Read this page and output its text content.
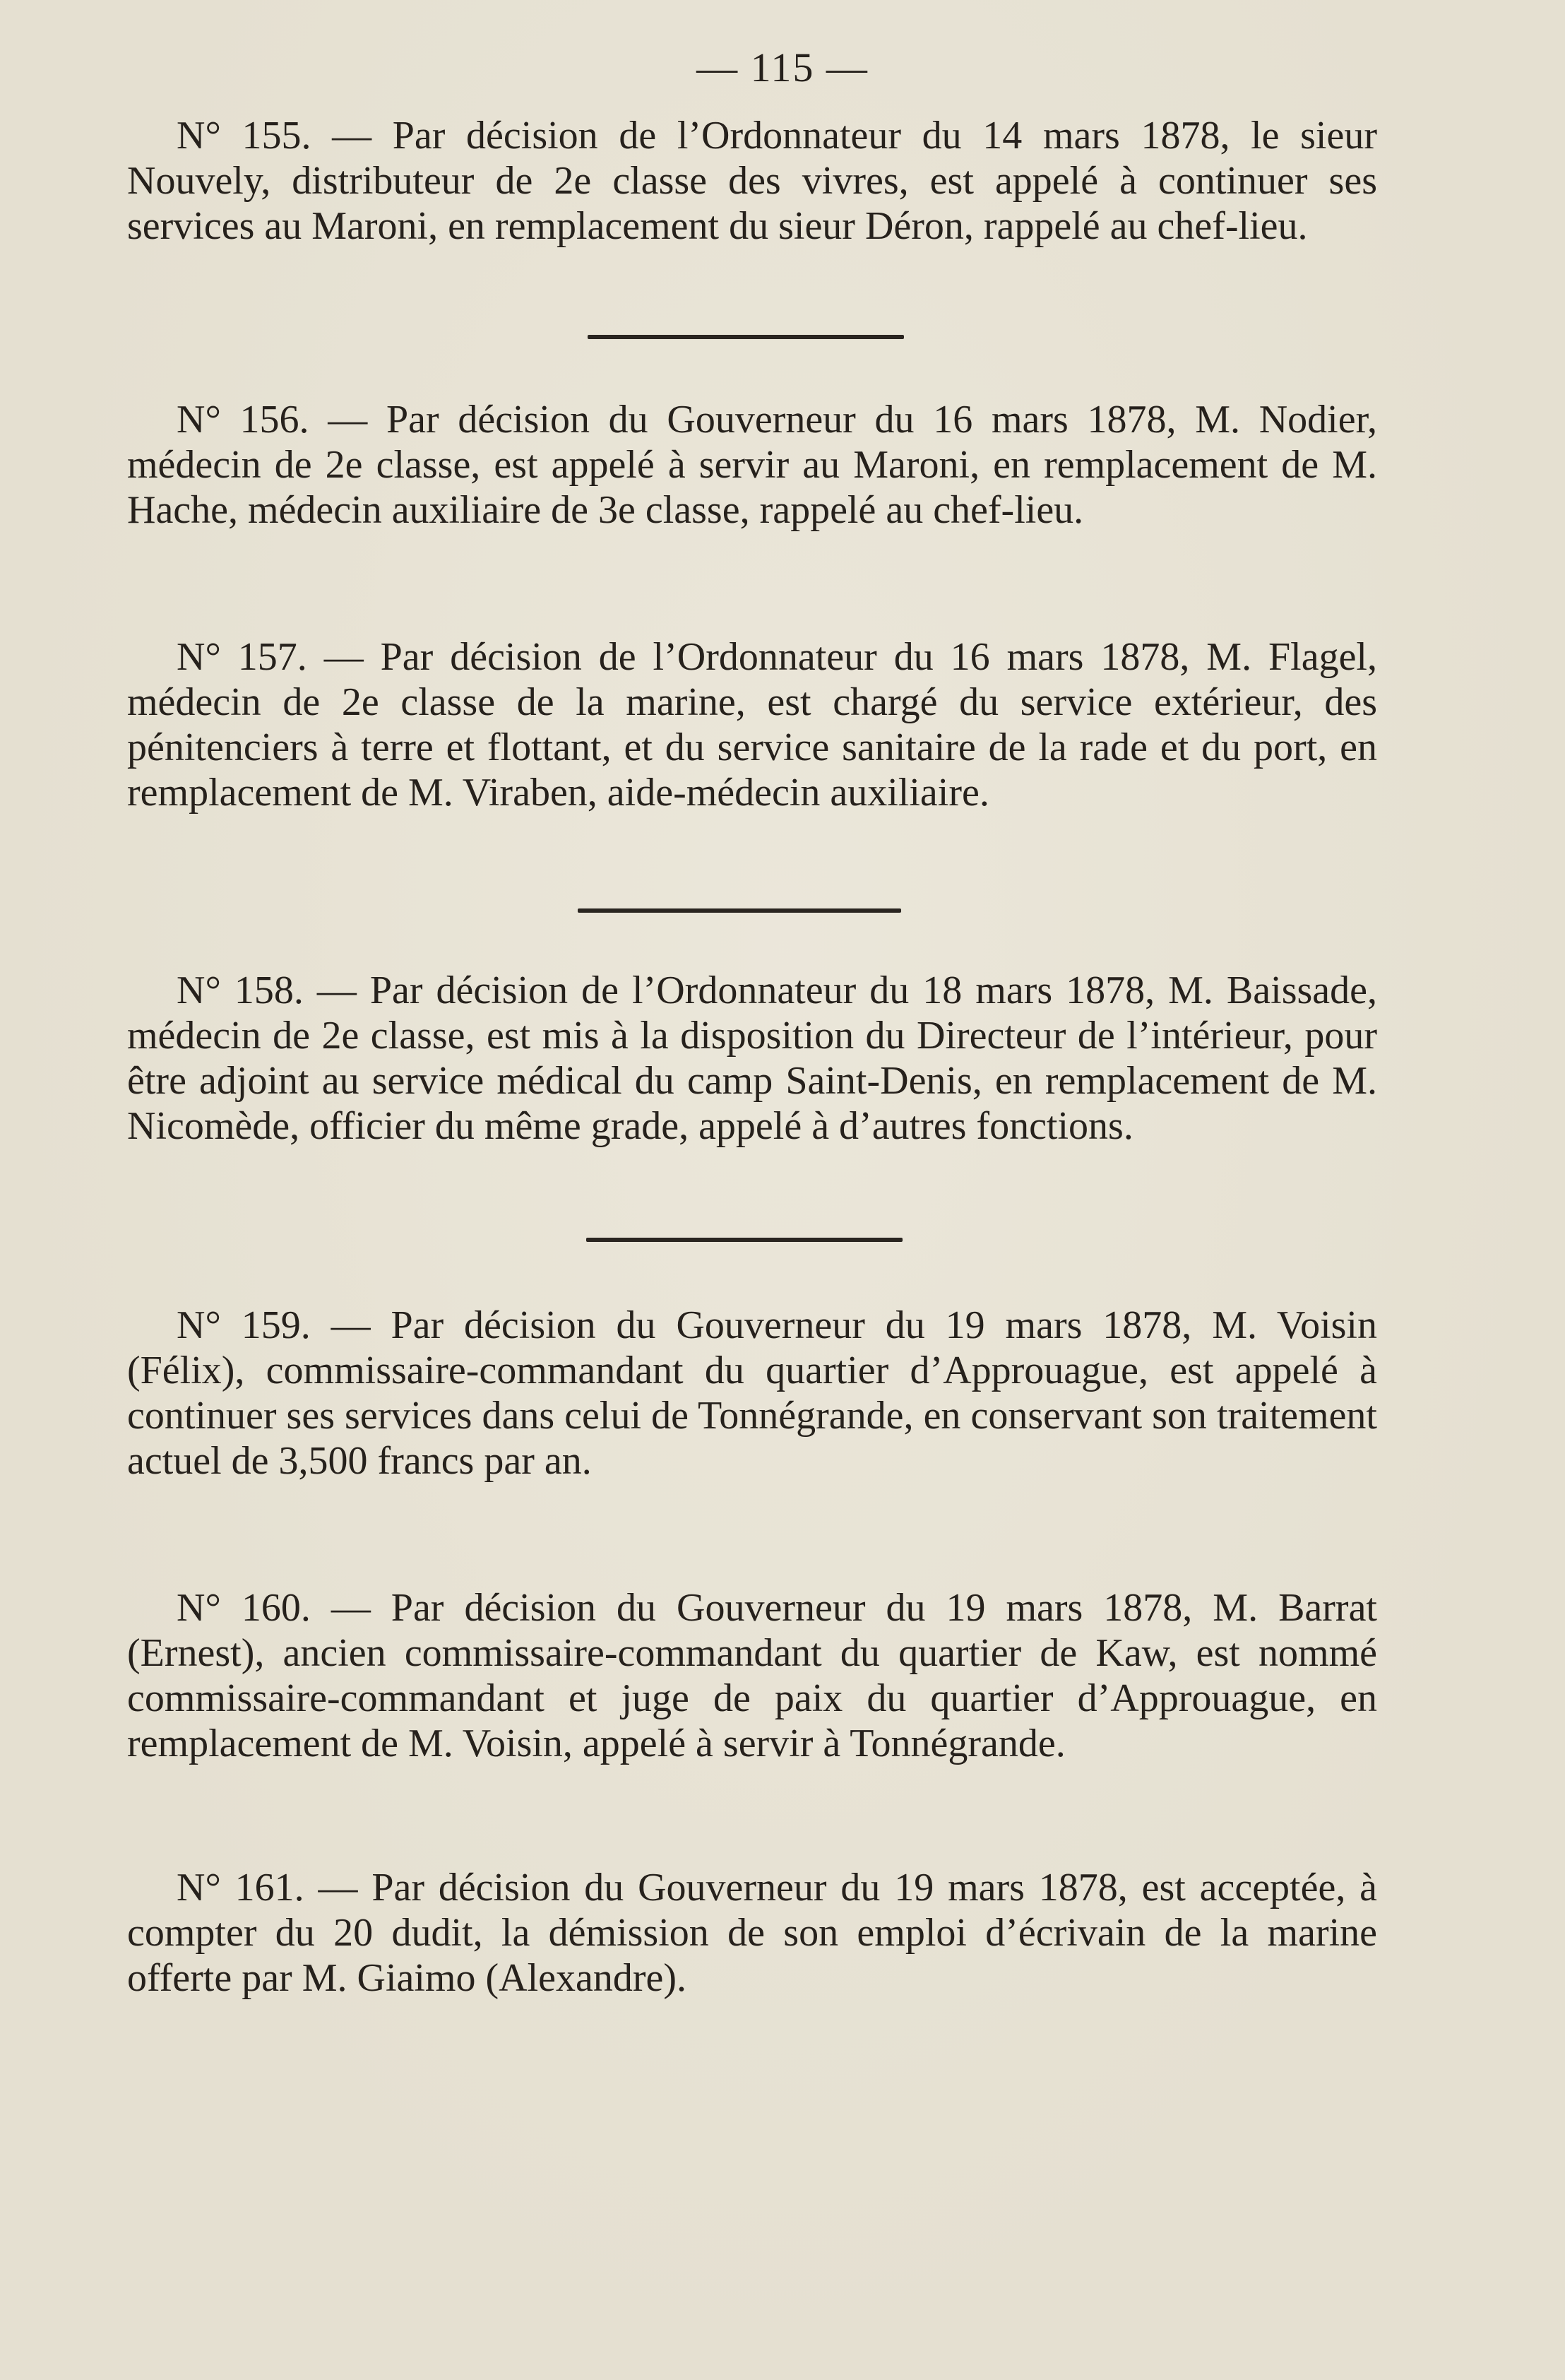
— 115 —
N° 155. — Par décision de l’Ordonnateur du 14 mars 1878, le sieur Nouvely, distributeur de 2e classe des vivres, est appelé à continuer ses services au Maroni, en remplacement du sieur Déron, rappelé au chef-lieu.
N° 156. — Par décision du Gouverneur du 16 mars 1878, M. Nodier, médecin de 2e classe, est appelé à servir au Maroni, en remplacement de M. Hache, médecin auxiliaire de 3e classe, rappelé au chef-lieu.
N° 157. — Par décision de l’Ordonnateur du 16 mars 1878, M. Flagel, médecin de 2e classe de la marine, est chargé du service extérieur, des pénitenciers à terre et flottant, et du service sanitaire de la rade et du port, en remplacement de M. Viraben, aide-médecin auxiliaire.
N° 158. — Par décision de l’Ordonnateur du 18 mars 1878, M. Baissade, médecin de 2e classe, est mis à la disposition du Directeur de l’intérieur, pour être adjoint au service médical du camp Saint-Denis, en remplacement de M. Nicomède, officier du même grade, appelé à d’autres fonctions.
N° 159. — Par décision du Gouverneur du 19 mars 1878, M. Voisin (Félix), commissaire-commandant du quartier d’Approuague, est appelé à continuer ses services dans celui de Tonnégrande, en conservant son traitement actuel de 3,500 francs par an.
N° 160. — Par décision du Gouverneur du 19 mars 1878, M. Barrat (Ernest), ancien commissaire-commandant du quartier de Kaw, est nommé commissaire-commandant et juge de paix du quartier d’Approuague, en remplacement de M. Voisin, appelé à servir à Tonnégrande.
N° 161. — Par décision du Gouverneur du 19 mars 1878, est acceptée, à compter du 20 dudit, la démission de son emploi d’écrivain de la marine offerte par M. Giaimo (Alexandre).
